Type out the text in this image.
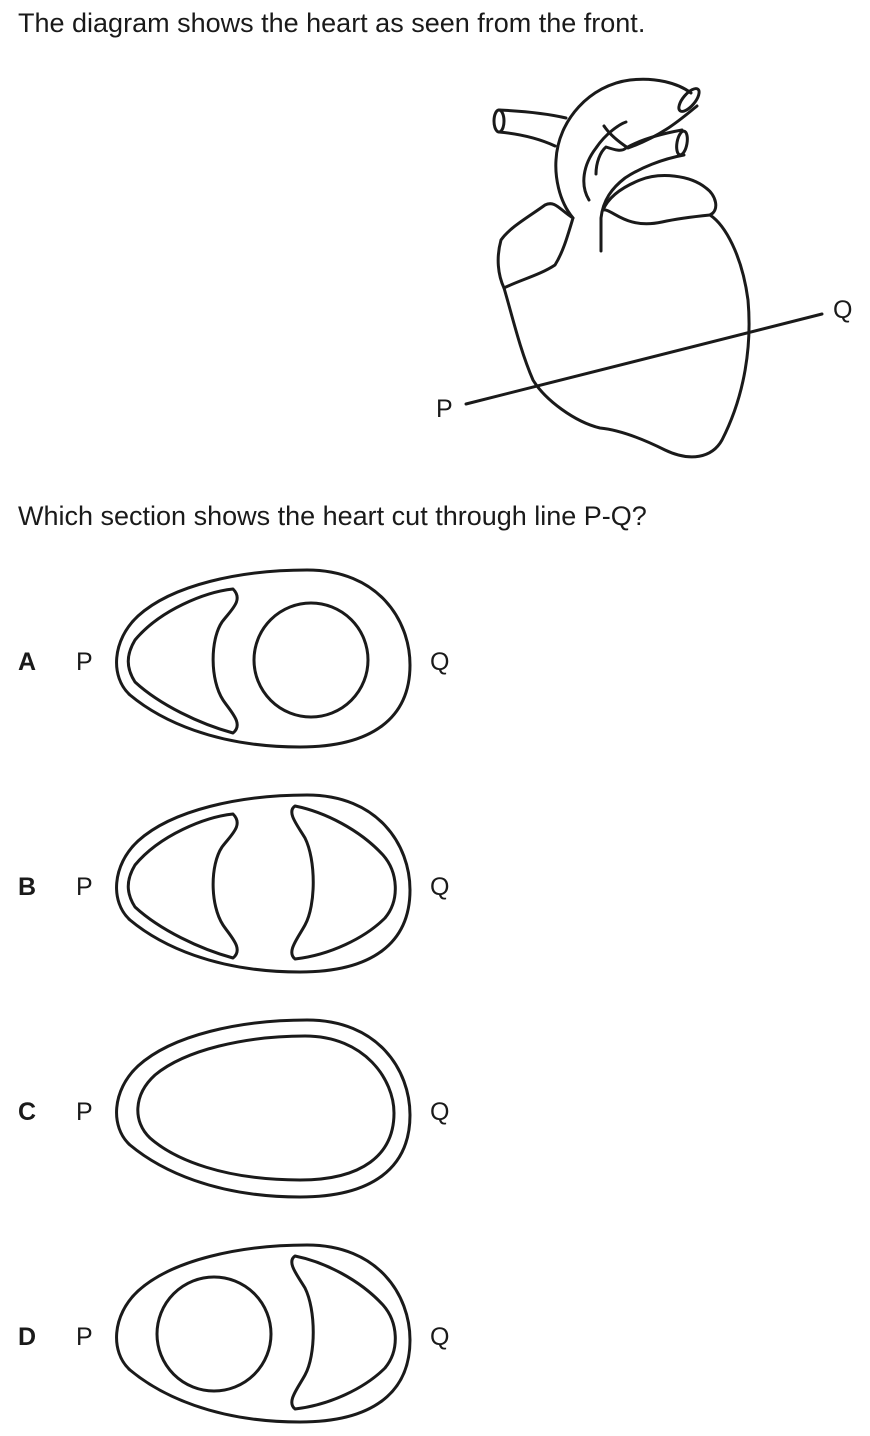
The diagram shows the heart as seen from the front.
Which section shows the heart cut through line P-Q?
P
Q
A P	Q
B P	Q
C P	Q
D P	Q
